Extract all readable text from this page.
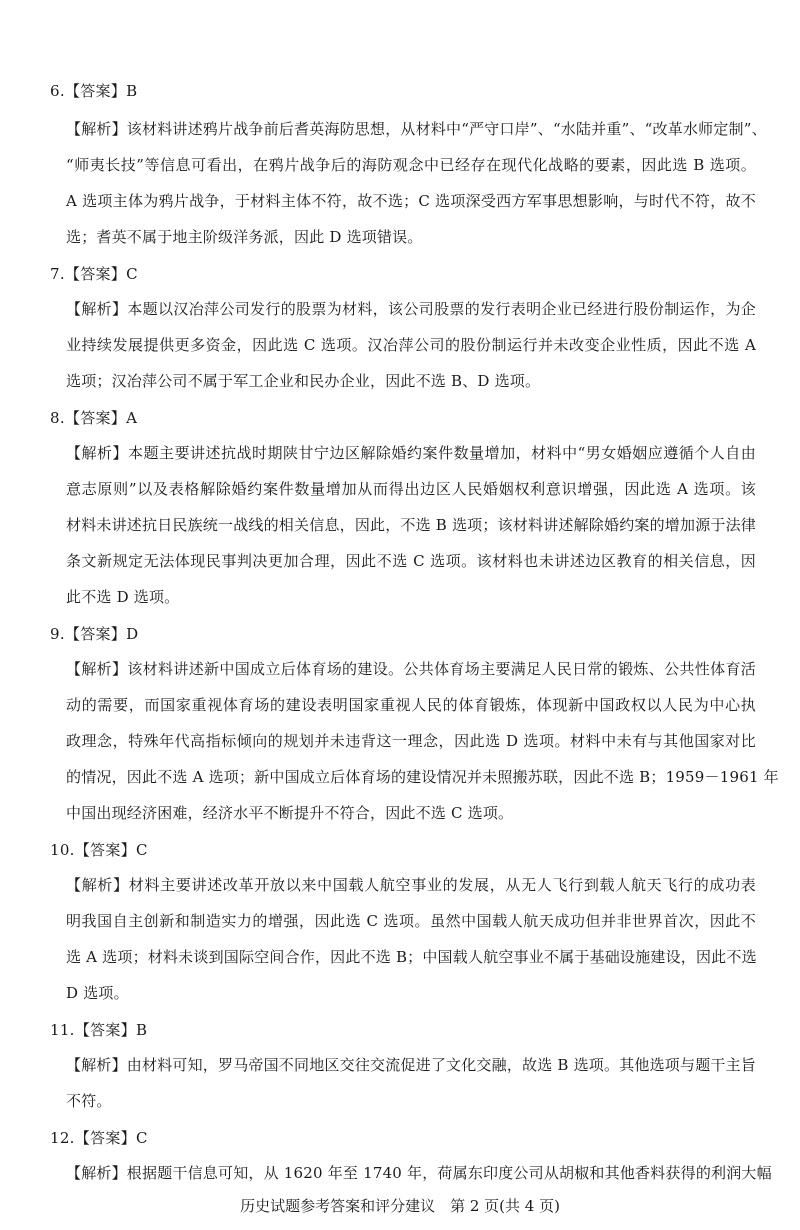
6.【答案】B
【解析】该材料讲述鸦片战争前后耆英海防思想，从材料中“严守口岸”、“水陆并重”、“改革水师定制”、
“师夷长技”等信息可看出，在鸦片战争后的海防观念中已经存在现代化战略的要素，因此选 B 选项。
A 选项主体为鸦片战争，于材料主体不符，故不选；C 选项深受西方军事思想影响，与时代不符，故不
选；耆英不属于地主阶级洋务派，因此 D 选项错误。
7.【答案】C
【解析】本题以汉冶萍公司发行的股票为材料，该公司股票的发行表明企业已经进行股份制运作，为企
业持续发展提供更多资金，因此选 C 选项。汉冶萍公司的股份制运行并未改变企业性质，因此不选 A
选项；汉冶萍公司不属于军工企业和民办企业，因此不选 B、D 选项。
8.【答案】A
【解析】本题主要讲述抗战时期陕甘宁边区解除婚约案件数量增加，材料中“男女婚姻应遵循个人自由
意志原则”以及表格解除婚约案件数量增加从而得出边区人民婚姻权利意识增强，因此选 A 选项。该
材料未讲述抗日民族统一战线的相关信息，因此，不选 B 选项；该材料讲述解除婚约案的增加源于法律
条文新规定无法体现民事判决更加合理，因此不选 C 选项。该材料也未讲述边区教育的相关信息，因
此不选 D 选项。
9.【答案】D
【解析】该材料讲述新中国成立后体育场的建设。公共体育场主要满足人民日常的锻炼、公共性体育活
动的需要，而国家重视体育场的建设表明国家重视人民的体育锻炼，体现新中国政权以人民为中心执
政理念，特殊年代高指标倾向的规划并未违背这一理念，因此选 D 选项。材料中未有与其他国家对比
的情况，因此不选 A 选项；新中国成立后体育场的建设情况并未照搬苏联，因此不选 B；1959－1961 年
中国出现经济困难，经济水平不断提升不符合，因此不选 C 选项。
10.【答案】C
【解析】材料主要讲述改革开放以来中国载人航空事业的发展，从无人飞行到载人航天飞行的成功表
明我国自主创新和制造实力的增强，因此选 C 选项。虽然中国载人航天成功但并非世界首次，因此不
选 A 选项；材料未谈到国际空间合作，因此不选 B；中国载人航空事业不属于基础设施建设，因此不选
D 选项。
11.【答案】B
【解析】由材料可知，罗马帝国不同地区交往交流促进了文化交融，故选 B 选项。其他选项与题干主旨
不符。
12.【答案】C
【解析】根据题干信息可知，从 1620 年至 1740 年，荷属东印度公司从胡椒和其他香料获得的利润大幅
历史试题参考答案和评分建议　第 2 页(共 4 页)
